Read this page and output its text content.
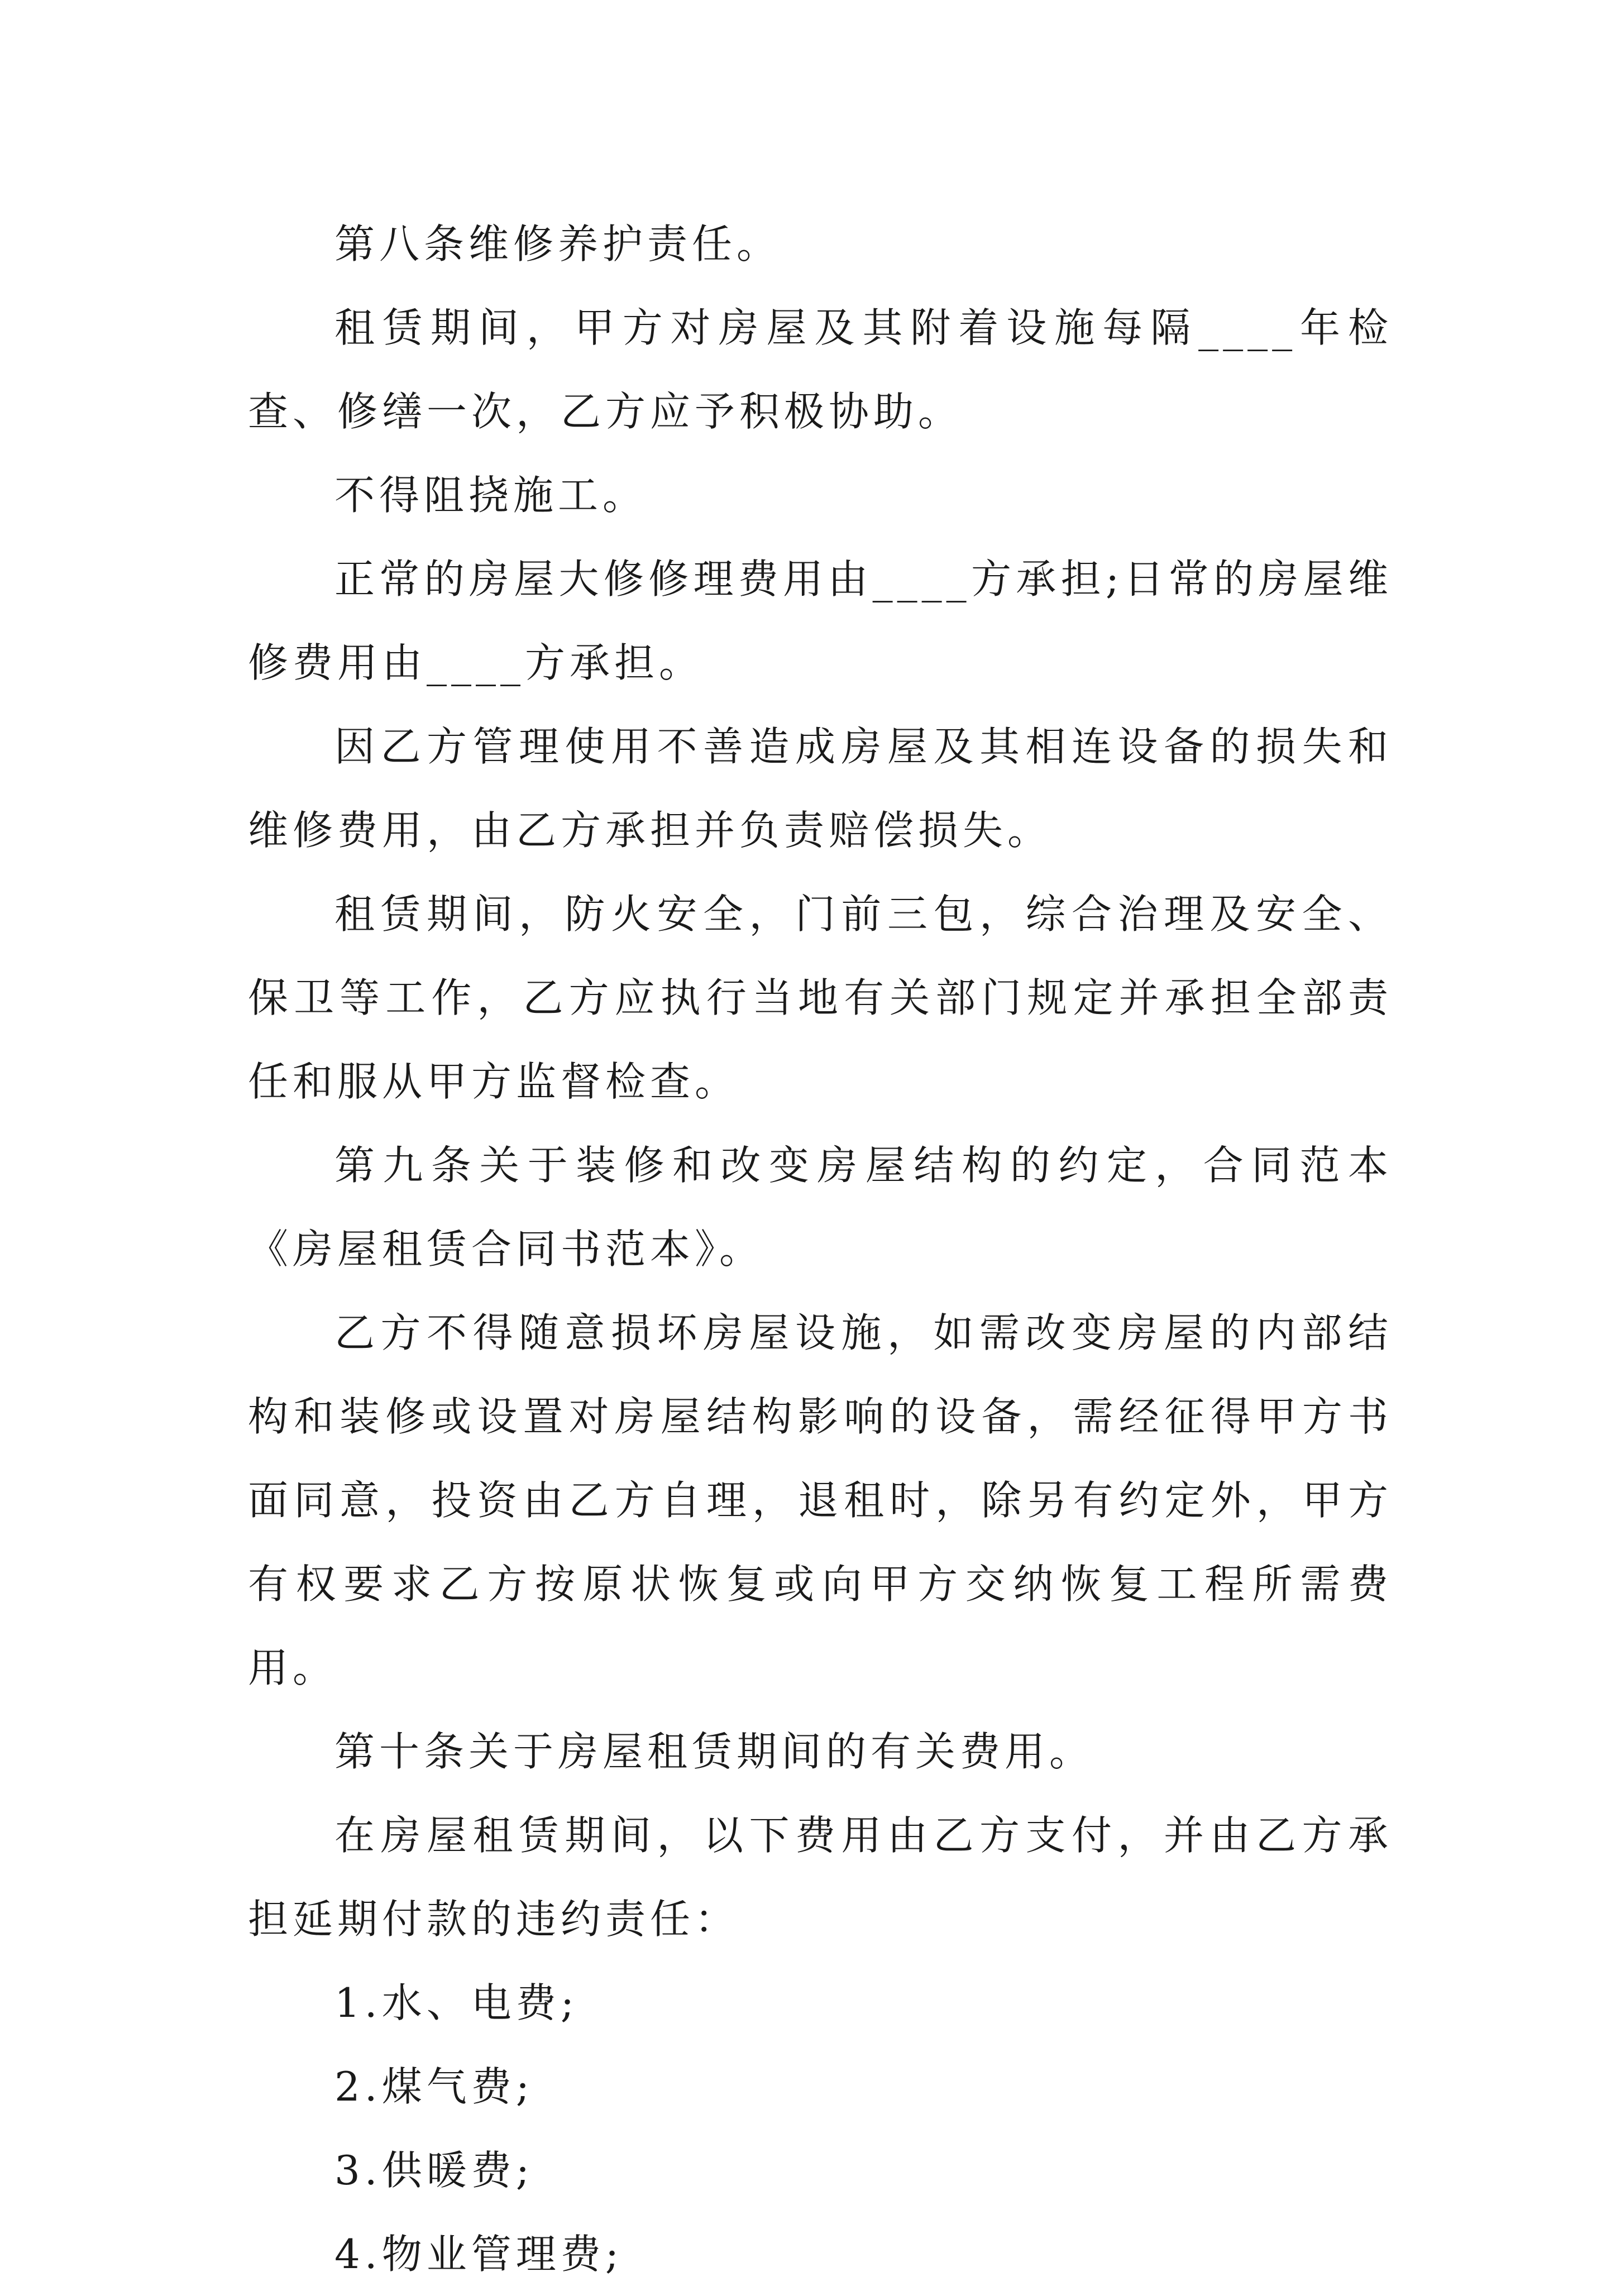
第八条维修养护责任。

租赁期间，甲方对房屋及其附着设施每隔____年检查、修缮一次，乙方应予积极协助。

不得阻挠施工。

正常的房屋大修修理费用由____方承担;日常的房屋维修费用由____方承担。

因乙方管理使用不善造成房屋及其相连设备的损失和维修费用，由乙方承担并负责赔偿损失。

租赁期间，防火安全，门前三包，综合治理及安全、保卫等工作，乙方应执行当地有关部门规定并承担全部责任和服从甲方监督检查。

第九条关于装修和改变房屋结构的约定，合同范本《房屋租赁合同书范本》。

乙方不得随意损坏房屋设施，如需改变房屋的内部结构和装修或设置对房屋结构影响的设备，需经征得甲方书面同意，投资由乙方自理，退租时，除另有约定外，甲方有权要求乙方按原状恢复或向甲方交纳恢复工程所需费用。

第十条关于房屋租赁期间的有关费用。

在房屋租赁期间，以下费用由乙方支付，并由乙方承担延期付款的违约责任：

1.水、电费;

2.煤气费;

3.供暖费;

4.物业管理费;
